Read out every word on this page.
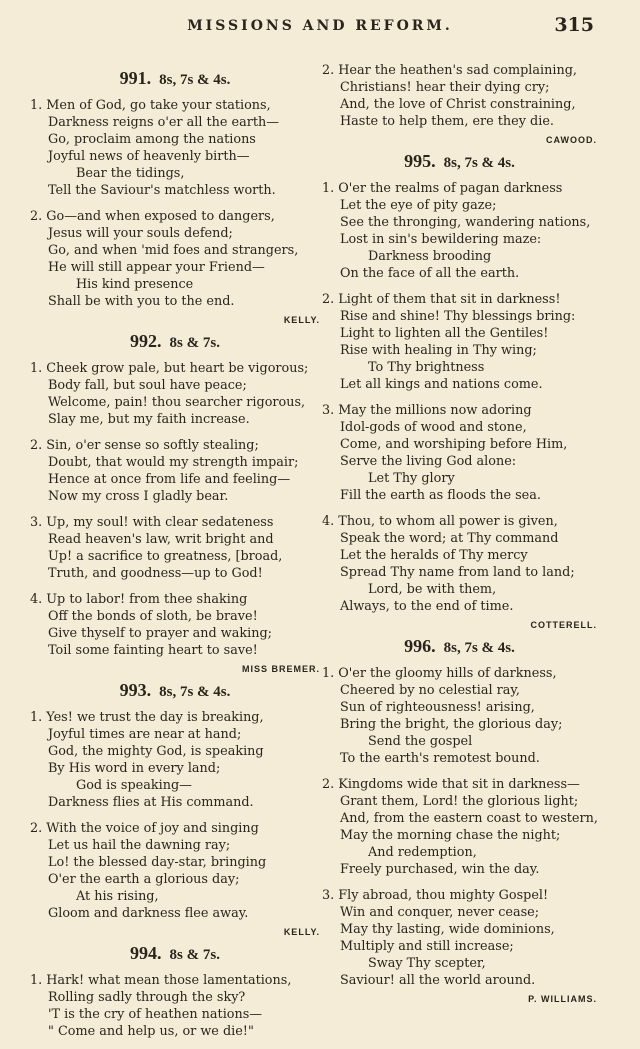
MISSIONS AND REFORM.	315
991. 8s, 7s & 4s.
1. Men of God, go take your stations,
Darkness reigns o'er all the earth—
Go, proclaim among the nations
Joyful news of heavenly birth—
Bear the tidings,
Tell the Saviour's matchless worth.
2. Go—and when exposed to dangers,
Jesus will your souls defend;
Go, and when 'mid foes and strangers,
He will still appear your Friend—
His kind presence
Shall be with you to the end.
KELLY.
992. 8s & 7s.
1. Cheek grow pale, but heart be vigorous;
Body fall, but soul have peace;
Welcome, pain! thou searcher rigorous,
Slay me, but my faith increase.
2. Sin, o'er sense so softly stealing;
Doubt, that would my strength impair;
Hence at once from life and feeling—
Now my cross I gladly bear.
3. Up, my soul! with clear sedateness
Read heaven's law, writ bright and
Up! a sacrifice to greatness, [broad,
Truth, and goodness—up to God!
4. Up to labor! from thee shaking
Off the bonds of sloth, be brave!
Give thyself to prayer and waking;
Toil some fainting heart to save!
MISS BREMER.
993. 8s, 7s & 4s.
1. Yes! we trust the day is breaking,
Joyful times are near at hand;
God, the mighty God, is speaking
By His word in every land;
God is speaking—
Darkness flies at His command.
2. With the voice of joy and singing
Let us hail the dawning ray;
Lo! the blessed day-star, bringing
O'er the earth a glorious day;
At his rising,
Gloom and darkness flee away.
KELLY.
994. 8s & 7s.
1. Hark! what mean those lamentations,
Rolling sadly through the sky?
'T is the cry of heathen nations—
" Come and help us, or we die!"
2. Hear the heathen's sad complaining,
Christians! hear their dying cry;
And, the love of Christ constraining,
Haste to help them, ere they die.
CAWOOD.
995. 8s, 7s & 4s.
1. O'er the realms of pagan darkness
Let the eye of pity gaze;
See the thronging, wandering nations,
Lost in sin's bewildering maze:
Darkness brooding
On the face of all the earth.
2. Light of them that sit in darkness!
Rise and shine! Thy blessings bring:
Light to lighten all the Gentiles!
Rise with healing in Thy wing;
To Thy brightness
Let all kings and nations come.
3. May the millions now adoring
Idol-gods of wood and stone,
Come, and worshiping before Him,
Serve the living God alone:
Let Thy glory
Fill the earth as floods the sea.
4. Thou, to whom all power is given,
Speak the word; at Thy command
Let the heralds of Thy mercy
Spread Thy name from land to land;
Lord, be with them,
Always, to the end of time.
COTTERELL.
996. 8s, 7s & 4s.
1. O'er the gloomy hills of darkness,
Cheered by no celestial ray,
Sun of righteousness! arising,
Bring the bright, the glorious day;
Send the gospel
To the earth's remotest bound.
2. Kingdoms wide that sit in darkness—
Grant them, Lord! the glorious light;
And, from the eastern coast to western,
May the morning chase the night;
And redemption,
Freely purchased, win the day.
3. Fly abroad, thou mighty Gospel!
Win and conquer, never cease;
May thy lasting, wide dominions,
Multiply and still increase;
Sway Thy scepter,
Saviour! all the world around.
P. WILLIAMS.
